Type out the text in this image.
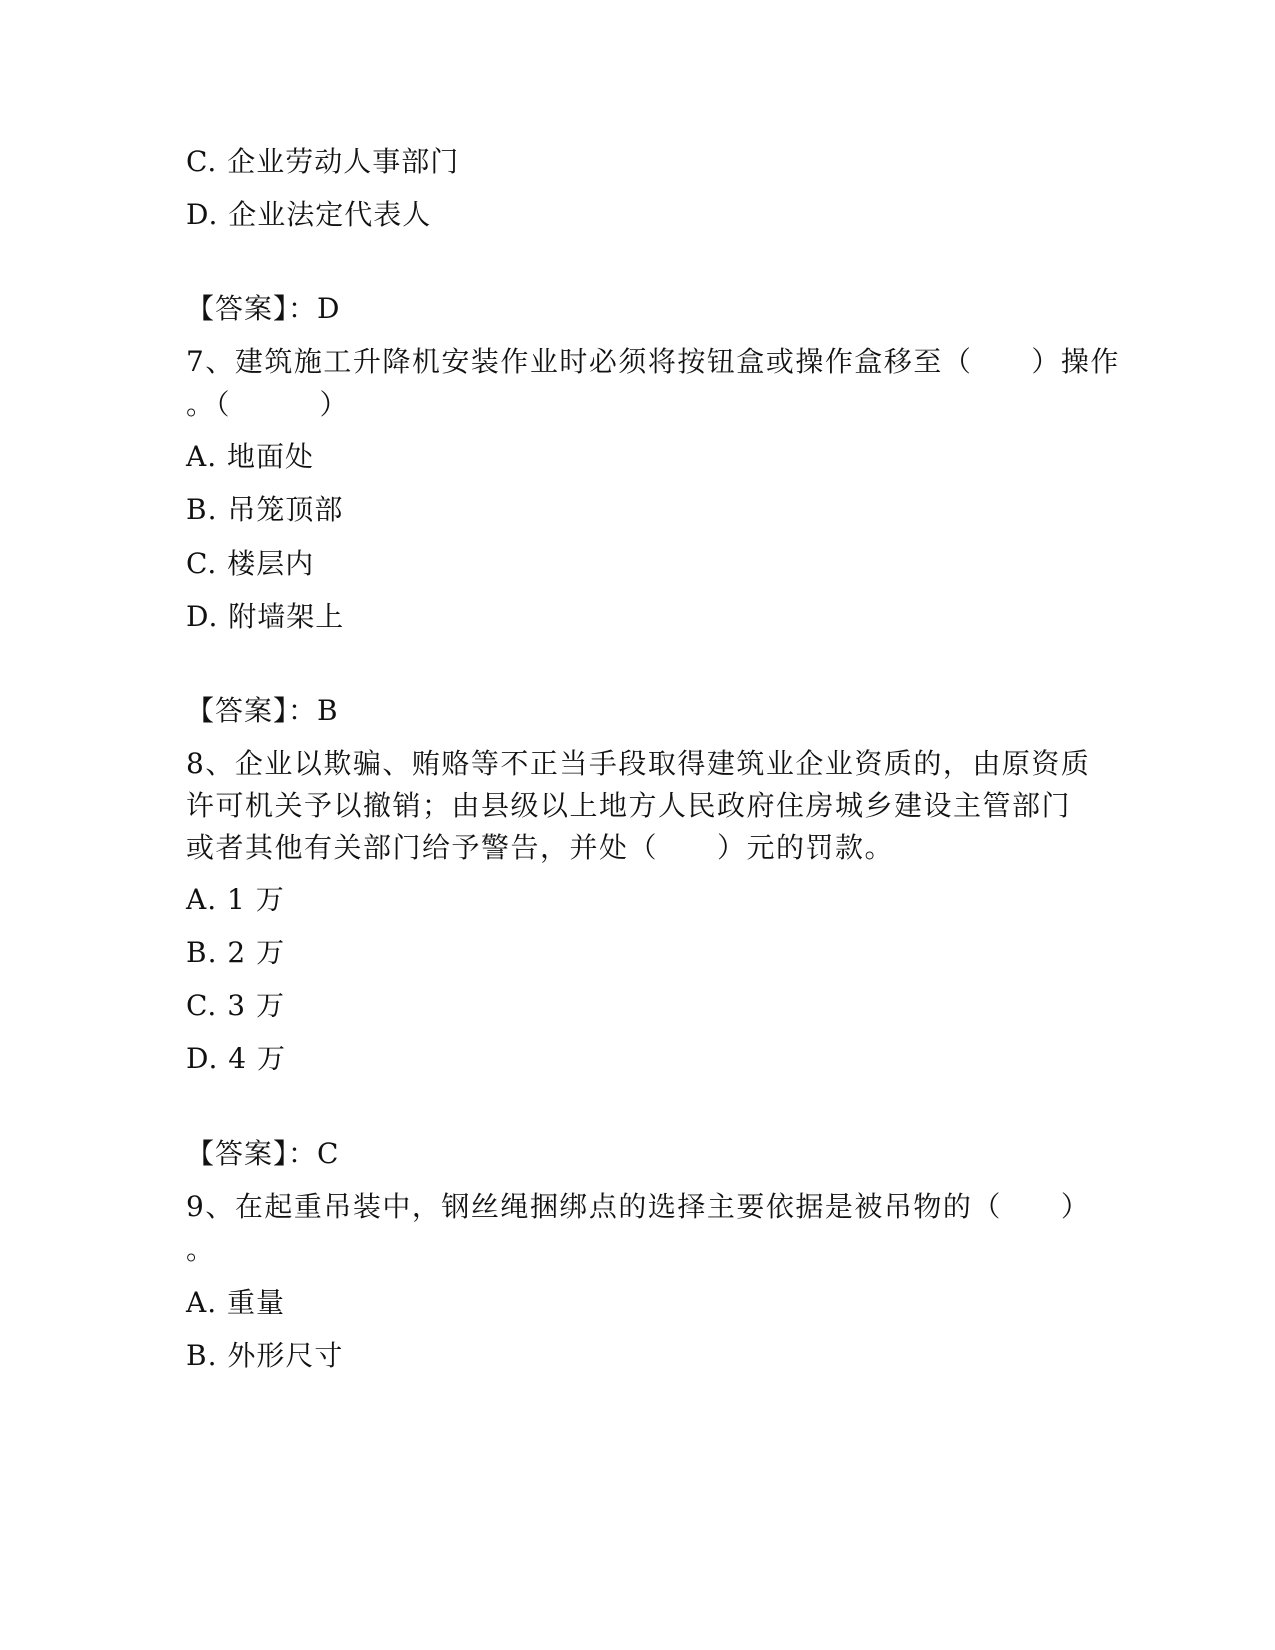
C. 企业劳动人事部门
D. 企业法定代表人
【答案】：D
7、建筑施工升降机安装作业时必须将按钮盒或操作盒移至（　　）操作
。（　　　）
A. 地面处
B. 吊笼顶部
C. 楼层内
D. 附墙架上
【答案】：B
8、企业以欺骗、贿赂等不正当手段取得建筑业企业资质的，由原资质
许可机关予以撤销；由县级以上地方人民政府住房城乡建设主管部门
或者其他有关部门给予警告，并处（　　）元的罚款。
A. 1 万
B. 2 万
C. 3 万
D. 4 万
【答案】：C
9、在起重吊装中，钢丝绳捆绑点的选择主要依据是被吊物的（　　）
。
A. 重量
B. 外形尺寸
